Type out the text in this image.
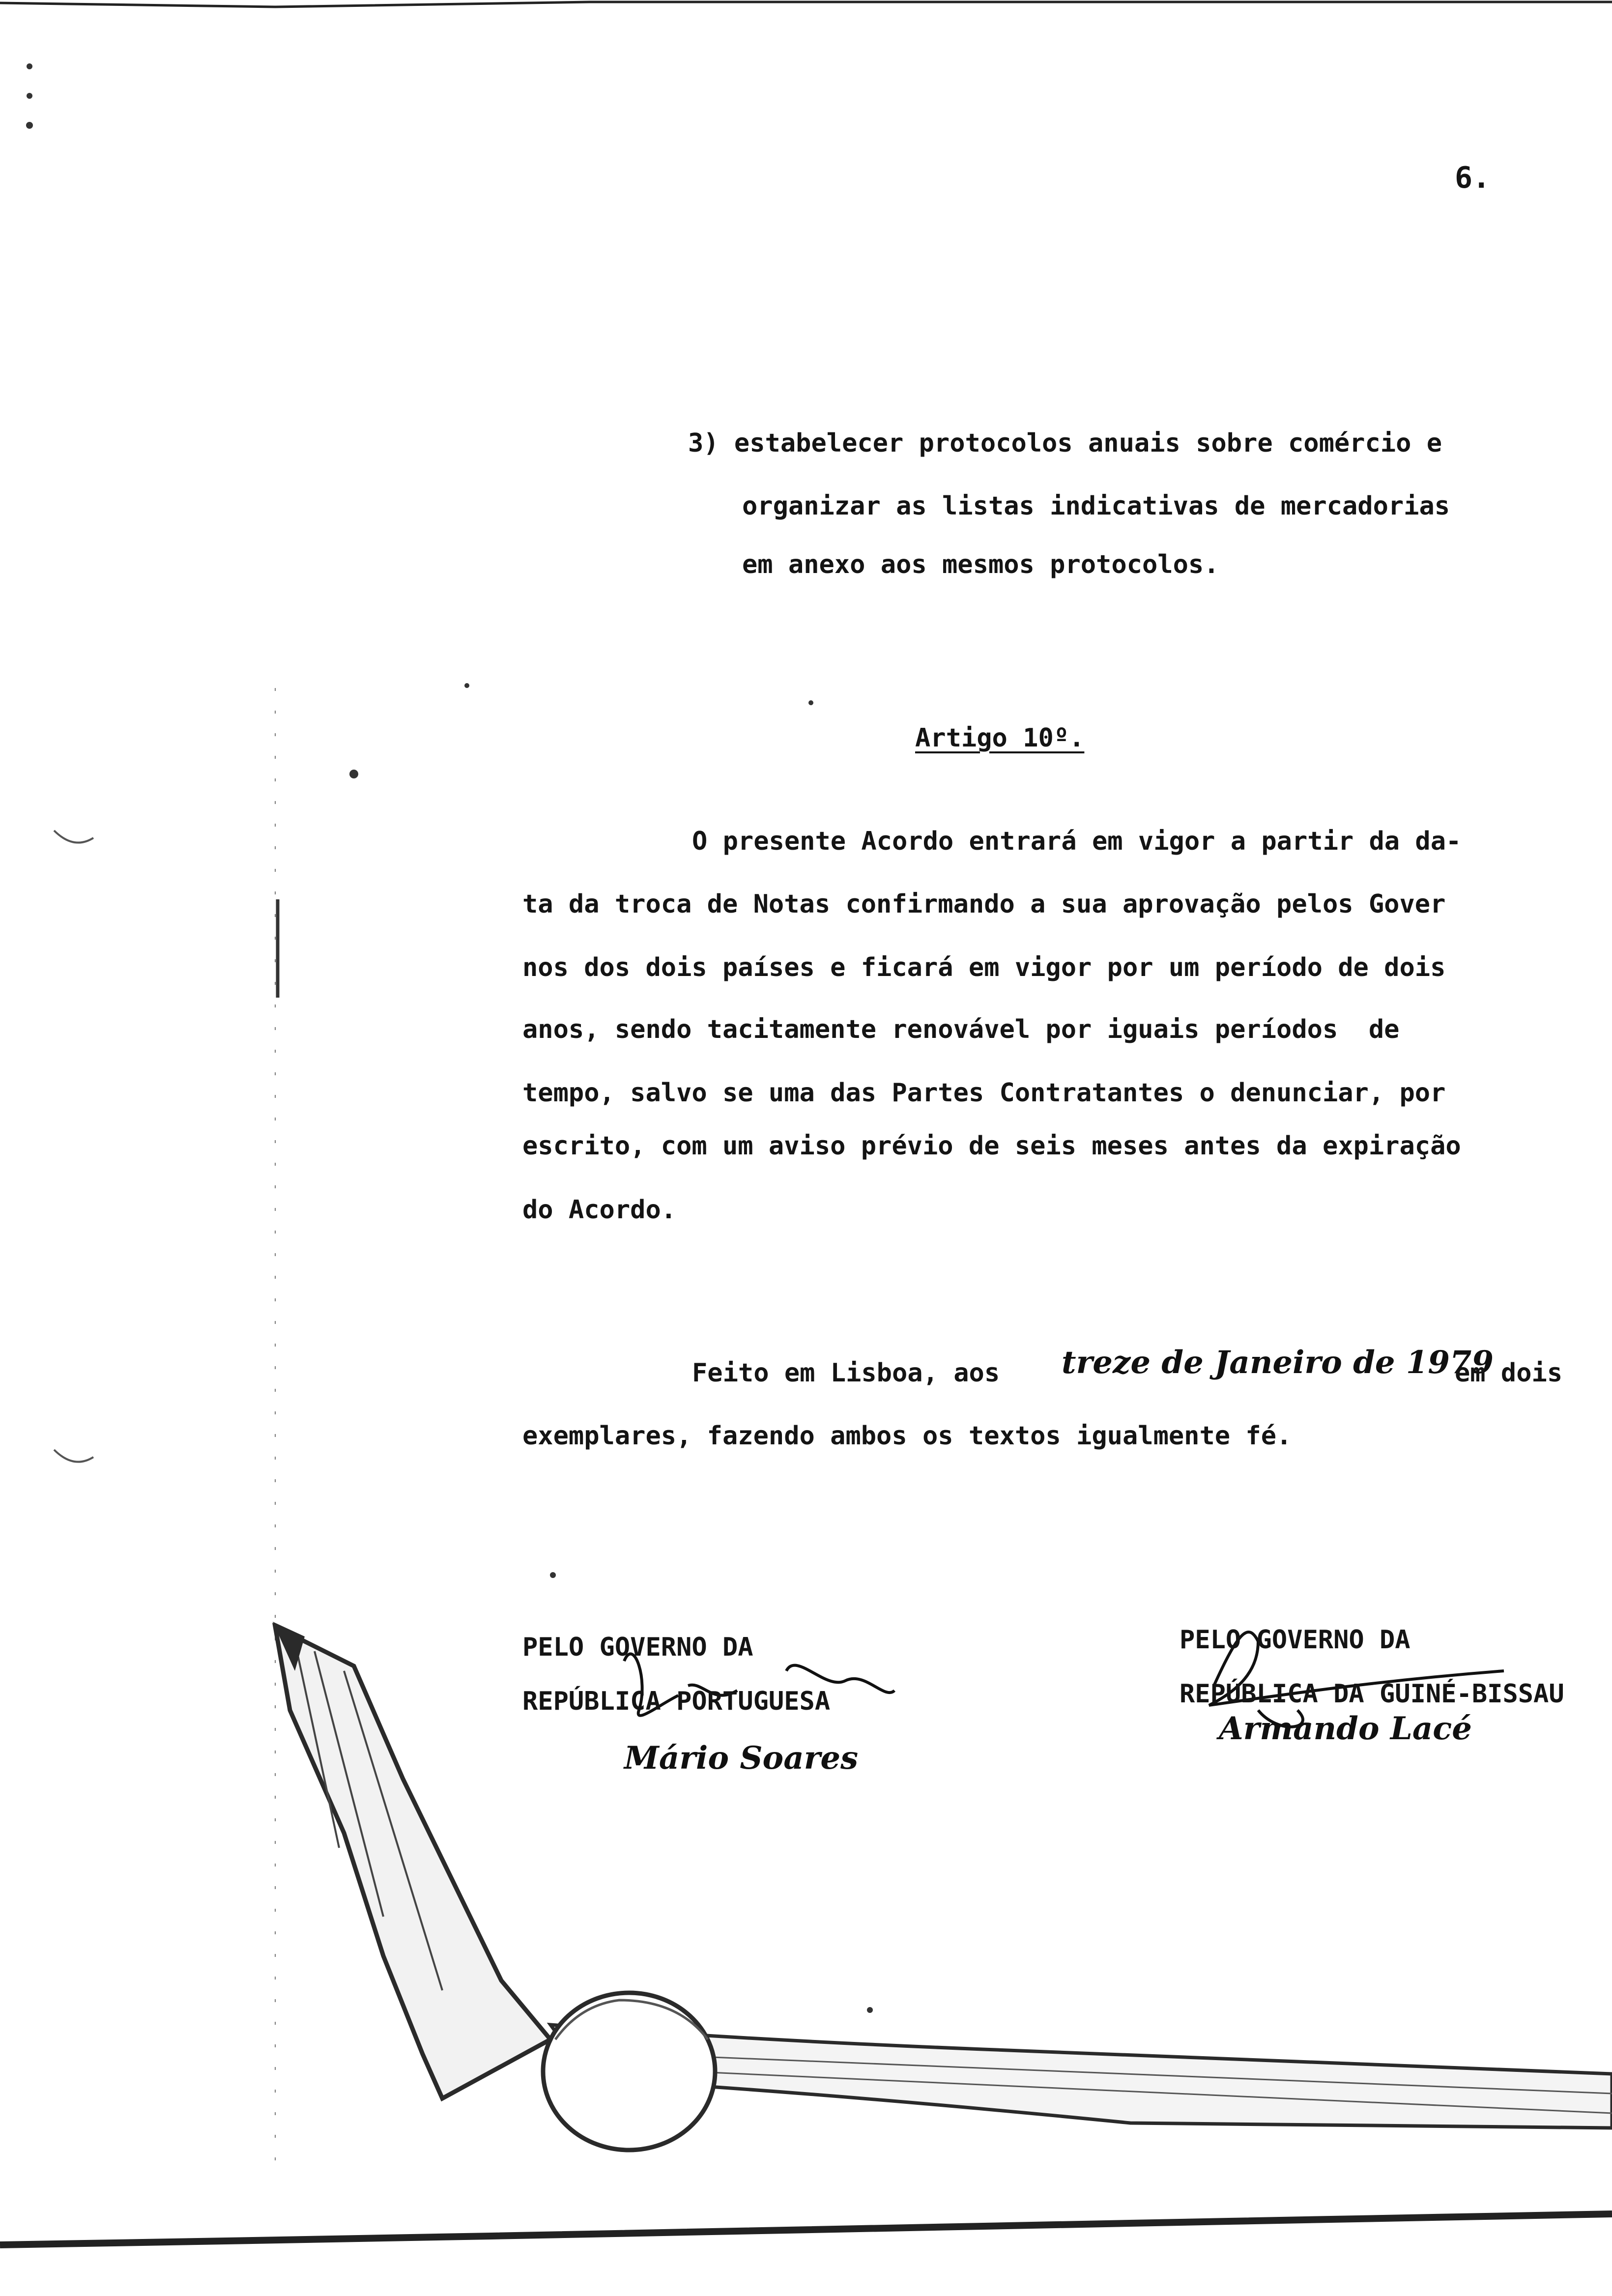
6.
3) estabelecer protocolos anuais sobre comércio e
organizar as listas indicativas de mercadorias
em anexo aos mesmos protocolos.
Artigo 10º.
O presente Acordo entrará em vigor a partir da da-
ta da troca de Notas confirmando a sua aprovação pelos Gover
nos dos dois países e ficará em vigor por um período de dois
anos, sendo tacitamente renovável por iguais períodos  de
tempo, salvo se uma das Partes Contratantes o denunciar, por
escrito, com um aviso prévio de seis meses antes da expiração
do Acordo.
Feito em Lisboa, aos treze de Janeiro de 1979
em dois
exemplares, fazendo ambos os textos igualmente fé.
PELO GOVERNO DA
REPÚBLICA PORTUGUESA
PELO GOVERNO DA
REPÚBLICA DA GUINÉ-BISSAU
Mário Soares
Armando Lacé
